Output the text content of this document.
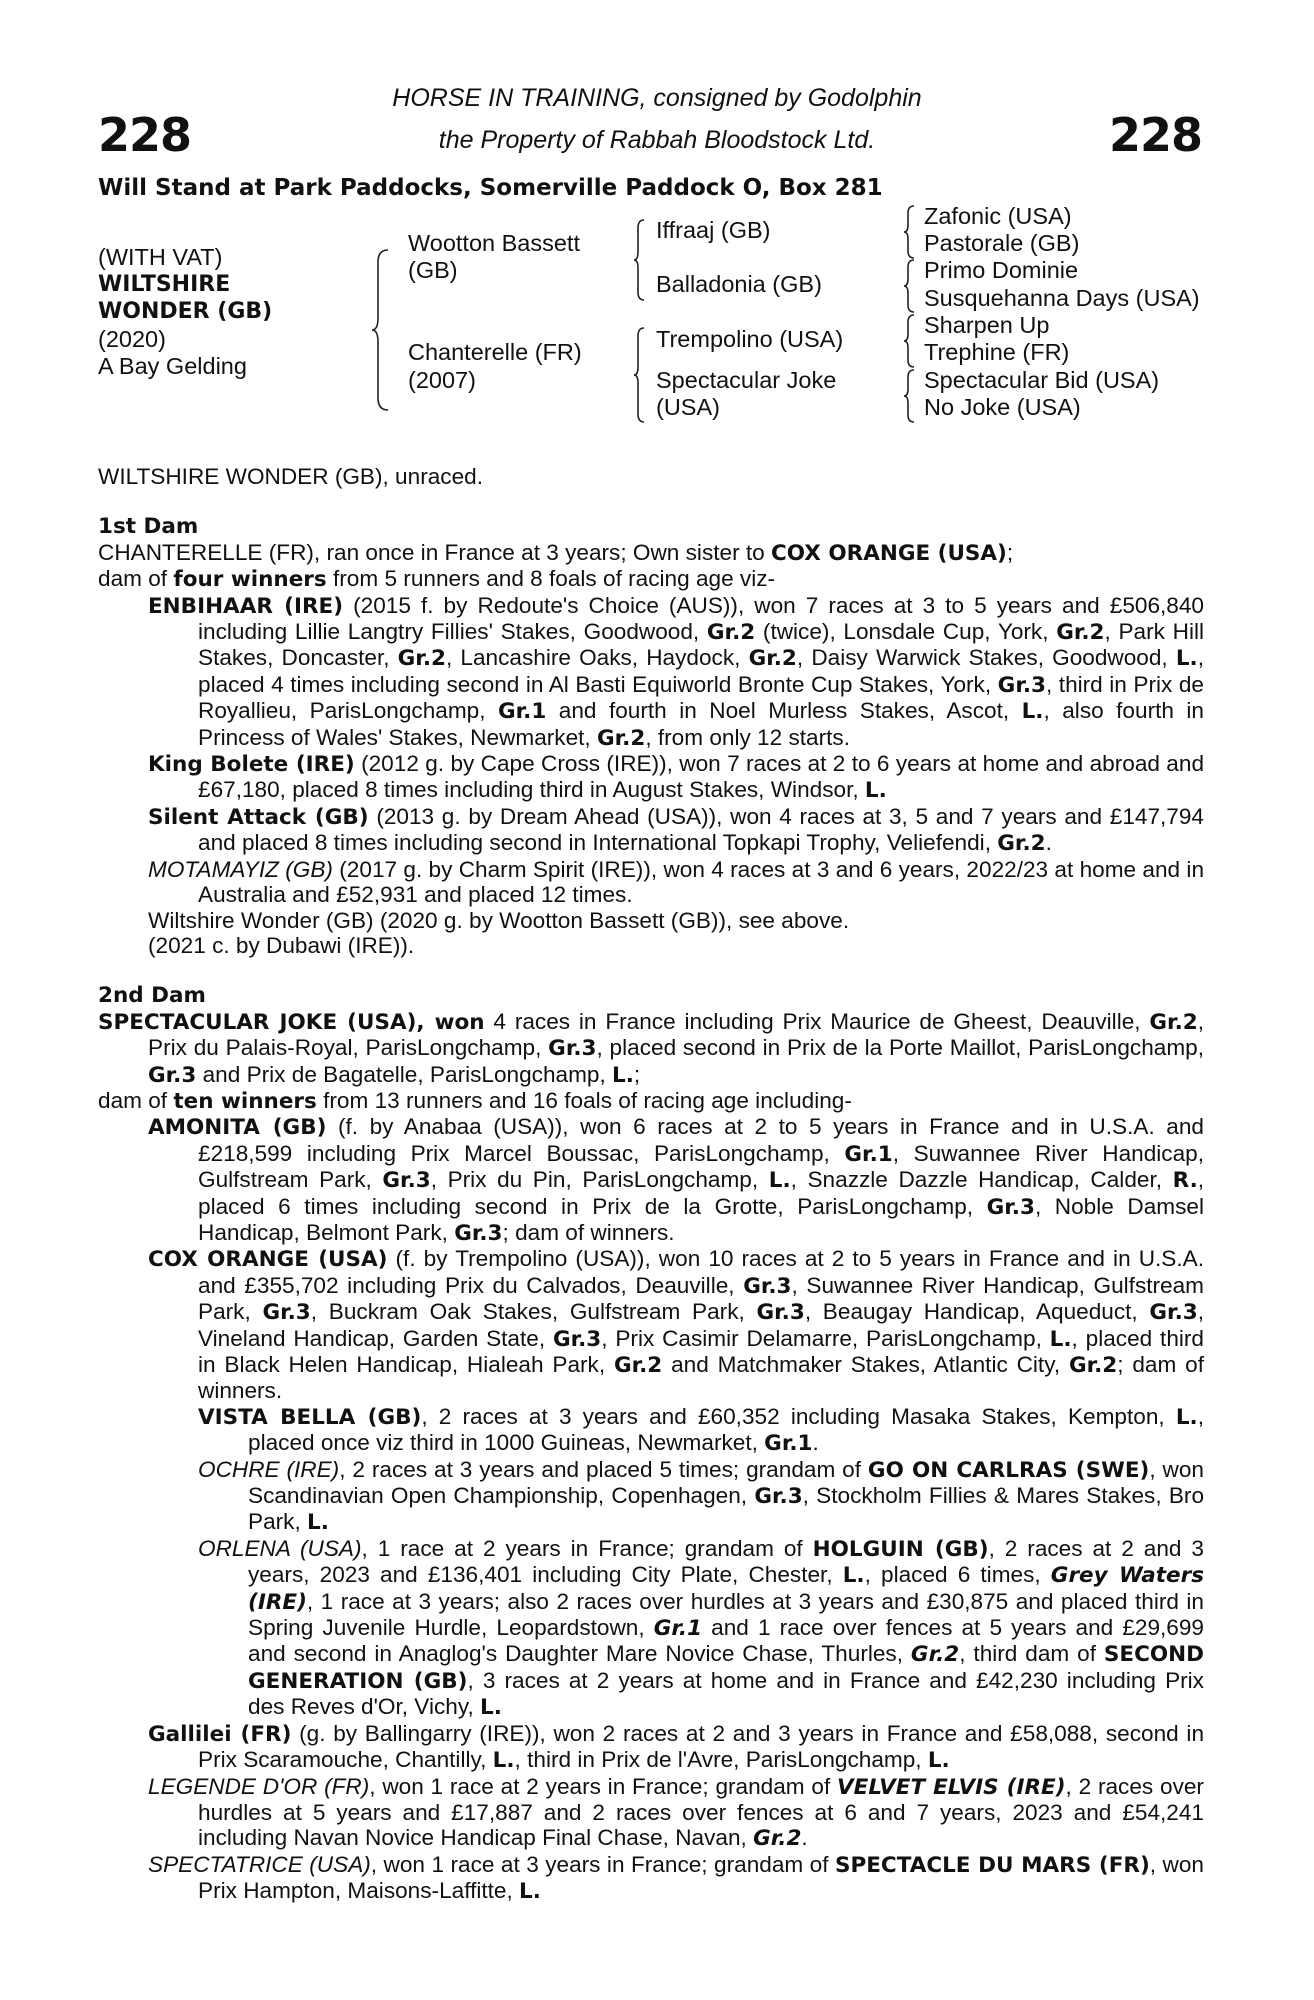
228	228
HORSE IN TRAINING, consigned by Godolphin
the Property of Rabbah Bloodstock Ltd.
Will Stand at Park Paddocks, Somerville Paddock O, Box 281
(WITH VAT)
WILTSHIRE
WONDER (GB)
(2020)
A Bay Gelding
Wootton Bassett
(GB)
Chanterelle (FR)
(2007)
Iffraaj (GB)
Balladonia (GB)
Trempolino (USA)
Spectacular Joke
(USA)
Zafonic (USA)
Pastorale (GB)
Primo Dominie
Susquehanna Days (USA)
Sharpen Up
Trephine (FR)
Spectacular Bid (USA)
No Joke (USA)

WILTSHIRE WONDER (GB), unraced.

1st Dam

CHANTERELLE (FR), ran once in France at 3 years; Own sister to COX ORANGE (USA);

dam of four winners from 5 runners and 8 foals of racing age viz-

ENBIHAAR (IRE) (2015 f. by Redoute's Choice (AUS)), won 7 races at 3 to 5 years and £506,840 including Lillie Langtry Fillies' Stakes, Goodwood, Gr.2 (twice), Lonsdale Cup, York, Gr.2, Park Hill Stakes, Doncaster, Gr.2, Lancashire Oaks, Haydock, Gr.2, Daisy Warwick Stakes, Goodwood, L., placed 4 times including second in Al Basti Equiworld Bronte Cup Stakes, York, Gr.3, third in Prix de Royallieu, ParisLongchamp, Gr.1 and fourth in Noel Murless Stakes, Ascot, L., also fourth in Princess of Wales' Stakes, Newmarket, Gr.2, from only 12 starts.

King Bolete (IRE) (2012 g. by Cape Cross (IRE)), won 7 races at 2 to 6 years at home and abroad and £67,180, placed 8 times including third in August Stakes, Windsor, L.

Silent Attack (GB) (2013 g. by Dream Ahead (USA)), won 4 races at 3, 5 and 7 years and £147,794 and placed 8 times including second in International Topkapi Trophy, Veliefendi, Gr.2.

MOTAMAYIZ (GB) (2017 g. by Charm Spirit (IRE)), won 4 races at 3 and 6 years, 2022/23 at home and in Australia and £52,931 and placed 12 times.

Wiltshire Wonder (GB) (2020 g. by Wootton Bassett (GB)), see above.

(2021 c. by Dubawi (IRE)).

2nd Dam

SPECTACULAR JOKE (USA), won 4 races in France including Prix Maurice de Gheest, Deauville, Gr.2, Prix du Palais-Royal, ParisLongchamp, Gr.3, placed second in Prix de la Porte Maillot, ParisLongchamp, Gr.3 and Prix de Bagatelle, ParisLongchamp, L.;

dam of ten winners from 13 runners and 16 foals of racing age including-

AMONITA (GB) (f. by Anabaa (USA)), won 6 races at 2 to 5 years in France and in U.S.A. and £218,599 including Prix Marcel Boussac, ParisLongchamp, Gr.1, Suwannee River Handicap, Gulfstream Park, Gr.3, Prix du Pin, ParisLongchamp, L., Snazzle Dazzle Handicap, Calder, R., placed 6 times including second in Prix de la Grotte, ParisLongchamp, Gr.3, Noble Damsel Handicap, Belmont Park, Gr.3; dam of winners.

COX ORANGE (USA) (f. by Trempolino (USA)), won 10 races at 2 to 5 years in France and in U.S.A. and £355,702 including Prix du Calvados, Deauville, Gr.3, Suwannee River Handicap, Gulfstream Park, Gr.3, Buckram Oak Stakes, Gulfstream Park, Gr.3, Beaugay Handicap, Aqueduct, Gr.3, Vineland Handicap, Garden State, Gr.3, Prix Casimir Delamarre, ParisLongchamp, L., placed third in Black Helen Handicap, Hialeah Park, Gr.2 and Matchmaker Stakes, Atlantic City, Gr.2; dam of winners.

VISTA BELLA (GB), 2 races at 3 years and £60,352 including Masaka Stakes, Kempton, L., placed once viz third in 1000 Guineas, Newmarket, Gr.1.

OCHRE (IRE), 2 races at 3 years and placed 5 times; grandam of GO ON CARLRAS (SWE), won Scandinavian Open Championship, Copenhagen, Gr.3, Stockholm Fillies & Mares Stakes, Bro Park, L.

ORLENA (USA), 1 race at 2 years in France; grandam of HOLGUIN (GB), 2 races at 2 and 3 years, 2023 and £136,401 including City Plate, Chester, L., placed 6 times, Grey Waters (IRE), 1 race at 3 years; also 2 races over hurdles at 3 years and £30,875 and placed third in Spring Juvenile Hurdle, Leopardstown, Gr.1 and 1 race over fences at 5 years and £29,699 and second in Anaglog's Daughter Mare Novice Chase, Thurles, Gr.2, third dam of SECOND GENERATION (GB), 3 races at 2 years at home and in France and £42,230 including Prix des Reves d'Or, Vichy, L.

Gallilei (FR) (g. by Ballingarry (IRE)), won 2 races at 2 and 3 years in France and £58,088, second in Prix Scaramouche, Chantilly, L., third in Prix de l'Avre, ParisLongchamp, L.

LEGENDE D'OR (FR), won 1 race at 2 years in France; grandam of VELVET ELVIS (IRE), 2 races over hurdles at 5 years and £17,887 and 2 races over fences at 6 and 7 years, 2023 and £54,241 including Navan Novice Handicap Final Chase, Navan, Gr.2.

SPECTATRICE (USA), won 1 race at 3 years in France; grandam of SPECTACLE DU MARS (FR), won Prix Hampton, Maisons-Laffitte, L.
